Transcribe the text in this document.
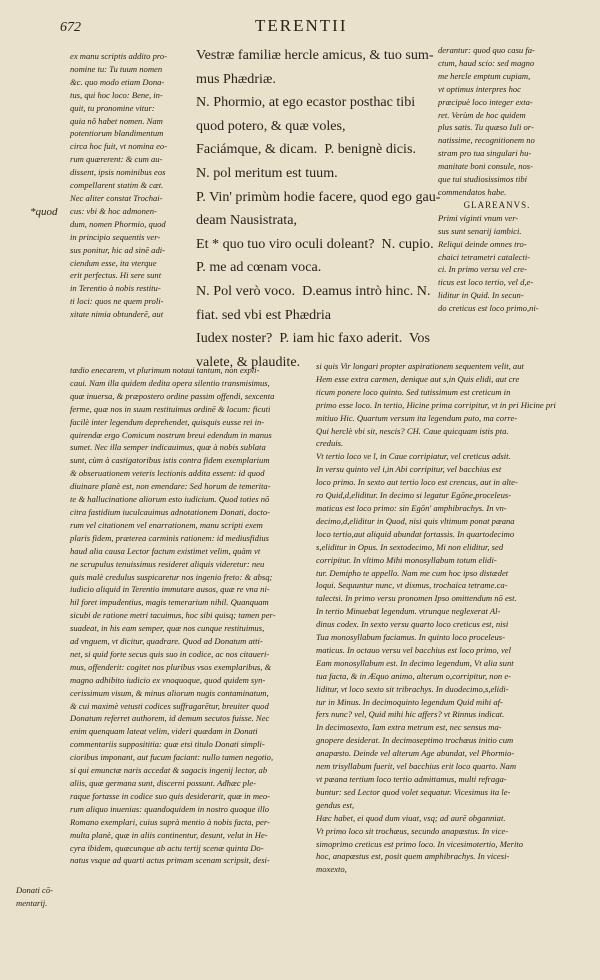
672	TERENTII

ex manu scriptis addito pro-

nomine tu: Tu tuum nomen

&c. quo modo etiam Dona-

tus, qui hoc loco: Bene, in-

quit, tu pronomine vitur:

quia nô habet nomen. Nam

potentiorum blandimentum

circa hoc fuit, vt nomina eo-

rum quærerent: & cum au-

dissent, ipsis nominibus eos

compellarent statim & cæt.

Nec aliter constat Trochai-

cus: vbi & hoc admonen-

dum, nomen Phormio, quod

in principio sequentis ver-

sus ponitur, hic ad sinē adi-

ciendum esse, ita vterque

erit perfectus. Hi sere sunt

in Terentio à nobis restitu-

ti loci: quos ne quem proli-

xitate nimia obtunderē, aut

Vestræ familiæ hercle amicus, & tuo sum-

mus Phædriæ.

N. Phormio, at ego ecastor posthac tibi

quod potero, & quæ voles,

Faciámque, & dicam.  P. benignè dicis.

N. pol meritum est tuum.

P. Vin' primùm hodie facere, quod ego gau-

deam Nausistrata,

Et * quo tuo viro oculi doleant?  N. cupio.

P. me ad cœnam voca.

N. Pol verò voco.  D.eamus intrò hinc. N.

fiat. sed vbi est Phædria

Iudex noster?  P. iam hic faxo aderit.  Vos

valete, & plaudite.

derantur: quod quo casu fa-

ctum, haud scio: sed magno

me hercle emptum cupiam,

vt optimus interpres hoc

præcipuè loco integer exta-

ret. Verùm de hoc quidem

plus satis. Tu quæso Iuli or-

natissime, recognitionem no

stram pro tua singulari hu-

manitate boni consule, nos-

que tui studiosissimos tibi

commendatos habe.

GLAREANVS.

Primi viginti vnum ver-

sus sunt senarij iambici.

Reliqui deinde omnes tro-

chaici tetrametri catalecti-

ci. In primo versu vel cre-

ticus est loco tertio, vel d,e-

liditur in Quid. In secun-

do creticus est loco primo,ni-

tædio enecarem, vt plurimum notaui tantum, non expli-

caui. Nam illa quidem dedita opera silentio transmisimus,

quæ inuersa, & præpostero ordine passim offendi, sexcenta

ferme, quæ nos in suum restituimus ordinē & locum: ficuti

facilè inter legendum deprehendet, quisquis eusse rei in-

quirendæ ergo Comicum nostrum breui edendum in manus

sumet. Nec illa semper indicauimus, quæ à nobis sublata

sunt, cùm à castigatoribus istis contra fidem exemplarium

& obseruationem veteris lectionis addita essent: id quod

diuinare planè est, non emendare: Sed horum de temerita-

te & hallucinatione aliorum esto iudicium. Quod toties nō

citra fastidium iuculcauimus adnotationem Donati, docto-

rum vel citationem vel enarrationem, manu scripti exem

plaris fidem, præterea carminis rationem: id mediusfidius

haud alia causa Lector factum existimet velim, quàm vt

ne scrupulus tenuissimus resideret aliquis videretur: neu

quis malè credulus suspicaretur nos ingenio freto: & absq;

iudicio aliquid in Terentio immutare ausos, quæ re vna ni-

hil foret impudentius, magis temerarium nihil. Quanquam

sicubi de ratione metri tacuimus, hoc sibi quisq; tamen per-

suadeat, in his eam semper, quæ nos cunque restituimus,

ad vnguem, vt dicitur, quadrare. Quod ad Donatum atti-

net, si quid forte secus quis suo in codice, ac nos citaueri-

mus, offenderit: cogitet nos pluribus vsos exemplaribus, &

magno adhibito iudicio ex vnoquoque, quod quidem syn-

cerissimum visum, & minus aliorum nugis contaminatum,

& cui maximè vetusti codices suffragarētur, breuiter quod

Donatum referret authorem, id demum secutos fuisse. Nec

enim quenquam lateat velim, videri quædam in Donati

commentariis supposititia: quæ etsi titulo Donati simpli-

cioribus imponant, aut fucum faciant: nullo tamen negotio,

si qui emunctæ naris accedat & sagacis ingenij lector, ab

aliis, quæ germana sunt, discerni possunt. Adhæc ple-

raque fortasse in codice suo quis desiderarit, quæ in meo-

rum aliquo inuenias: quandoquidem in nostro quoque illo

Romano exemplari, cuius suprà mentio à nobis facta, per-

multa planè, quæ in aliis continentur, desunt, velut in He-

cyra ibidem, quæcunque ab actu tertij scenæ quinta Do-

natus vsque ad quarti actus primam scenam scripsit, desi-

si quis Vir longari propter aspirationem sequentem velit, aut

Hem esse extra carmen, denique aut s,in Quis elidi, aut cre

ticum ponere loco quinto. Sed tutissimum est creticum in

primo esse loco. In tertio, Hicine prima corripitur, vt in pri Hicine pri

mitiuo Hic. Quartum versum ita legendum puto, ma corre-

Qui herclè vbi sit, nescis? CH. Caue quicquam istis pta.

creduis.

Vt tertio loco ve l, in Caue corripiatur, vel creticus adsit.

In versu quinto vel i,in Abi corripitur, vel bacchius est

loco primo. In sexto aut tertio loco est crencus, aut in alte-

ro Quid,d,eliditur. In decimo si legatur Egōne,proceleus-

maticus est loco primo: sin Egōn' amphibrachys. In vn-

decimo,d,eliditur in Quod, nisi quis vltimum ponat pæana

loco tertio,aut aliquid abundat fortassis. In quartodecimo

s,eliditur in Opus. In sextodecimo, Mi non eliditur, sed

corripitur. In vltimo Mihi monosyllabum totum elidi-

tur. Demipho te appello. Nam me cum hoc ipso distædet

loqui. Sequuntur nunc, vt dixmus, trochaica tetrame.ca-

talectsi. In primo versu pronomen Ipso omittendum nō est.

In tertio Minuebat legendum. vtrunque neglexerat Al-

dinus codex. In sexto versu quarto loco creticus est, nisi

Tua monosyllabum faciamus. In quinto loco proceleus-

maticus. In octauo versu vel bacchius est loco primo, vel

Eam monosyllabum est. In decimo legendum, Vt alia sunt

tua facta, & in Æquo animo, alterum o,corripitur, non e-

liditur, vt loco sexto sit tribrachys. In duodecimo,s,elidi-

tur in Minus. In decimoquinto legendum Quid mihi af-

fers nunc? vel, Quid mihi hic affers? vt Rinnus indicat.

In decimosexto, Iam extra metrum est, nec sensus ma-

gnopere desiderat. In decimoseptimo trochæus initio cum

anapæsto. Deinde vel alterum Age abundat, vel Phormio-

nem trisyllabum fuerit, vel bacchius erit loco quarto. Nam

vt pæana tertium loco tertio admittamus, multi refraga-

buntur: sed Lector quod volet sequatur. Vicesimus ita le-

gendus est,

Hæc habet, ei quod dum viuat, vsq; ad aurē obganniat.

Vt primo loco sit trochæus, secundo anapæstus. In vice-

simoprimo creticus est primo loco. In vicesimotertio, Merito

hoc, anapæstus est, posit quem amphibrachys. In vicesi-

moxexto,

*quod
Donati cō-
mentarij.
